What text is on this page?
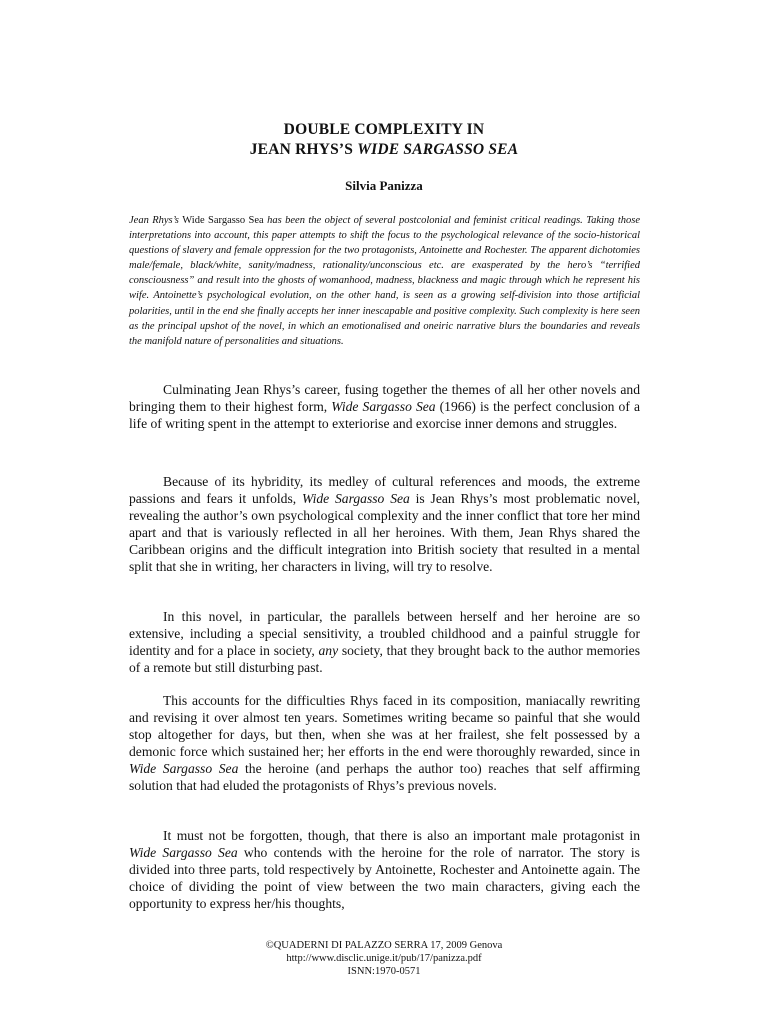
DOUBLE COMPLEXITY IN
JEAN RHYS’S WIDE SARGASSO SEA
Silvia Panizza
Jean Rhys’s Wide Sargasso Sea has been the object of several postcolonial and feminist critical readings. Taking those interpretations into account, this paper attempts to shift the focus to the psychological relevance of the socio-historical questions of slavery and female oppression for the two protagonists, Antoinette and Rochester. The apparent dichotomies male/female, black/white, sanity/madness, rationality/unconscious etc. are exasperated by the hero’s “terrified consciousness” and result into the ghosts of womanhood, madness, blackness and magic through which he represent his wife. Antoinette’s psychological evolution, on the other hand, is seen as a growing self-division into those artificial polarities, until in the end she finally accepts her inner inescapable and positive complexity. Such complexity is here seen as the principal upshot of the novel, in which an emotionalised and oneiric narrative blurs the boundaries and reveals the manifold nature of personalities and situations.

Culminating Jean Rhys’s career, fusing together the themes of all her other novels and bringing them to their highest form, Wide Sargasso Sea (1966) is the perfect conclusion of a life of writing spent in the attempt to exteriorise and exorcise inner demons and struggles.

Because of its hybridity, its medley of cultural references and moods, the extreme passions and fears it unfolds, Wide Sargasso Sea is Jean Rhys’s most problematic novel, revealing the author’s own psychological complexity and the inner conflict that tore her mind apart and that is variously reflected in all her heroines. With them, Jean Rhys shared the Caribbean origins and the difficult integration into British society that resulted in a mental split that she in writing, her characters in living, will try to resolve.

In this novel, in particular, the parallels between herself and her heroine are so extensive, including a special sensitivity, a troubled childhood and a painful struggle for identity and for a place in society, any society, that they brought back to the author memories of a remote but still disturbing past.

This accounts for the difficulties Rhys faced in its composition, maniacally rewriting and revising it over almost ten years. Sometimes writing became so painful that she would stop altogether for days, but then, when she was at her frailest, she felt possessed by a demonic force which sustained her; her efforts in the end were thoroughly rewarded, since in Wide Sargasso Sea the heroine (and perhaps the author too) reaches that self affirming solution that had eluded the protagonists of Rhys’s previous novels.

It must not be forgotten, though, that there is also an important male protagonist in Wide Sargasso Sea who contends with the heroine for the role of narrator. The story is divided into three parts, told respectively by Antoinette, Rochester and Antoinette again. The choice of dividing the point of view between the two main characters, giving each the opportunity to express her/his thoughts,

©QUADERNI DI PALAZZO SERRA 17, 2009 Genova
http://www.disclic.unige.it/pub/17/panizza.pdf
ISNN:1970-0571
